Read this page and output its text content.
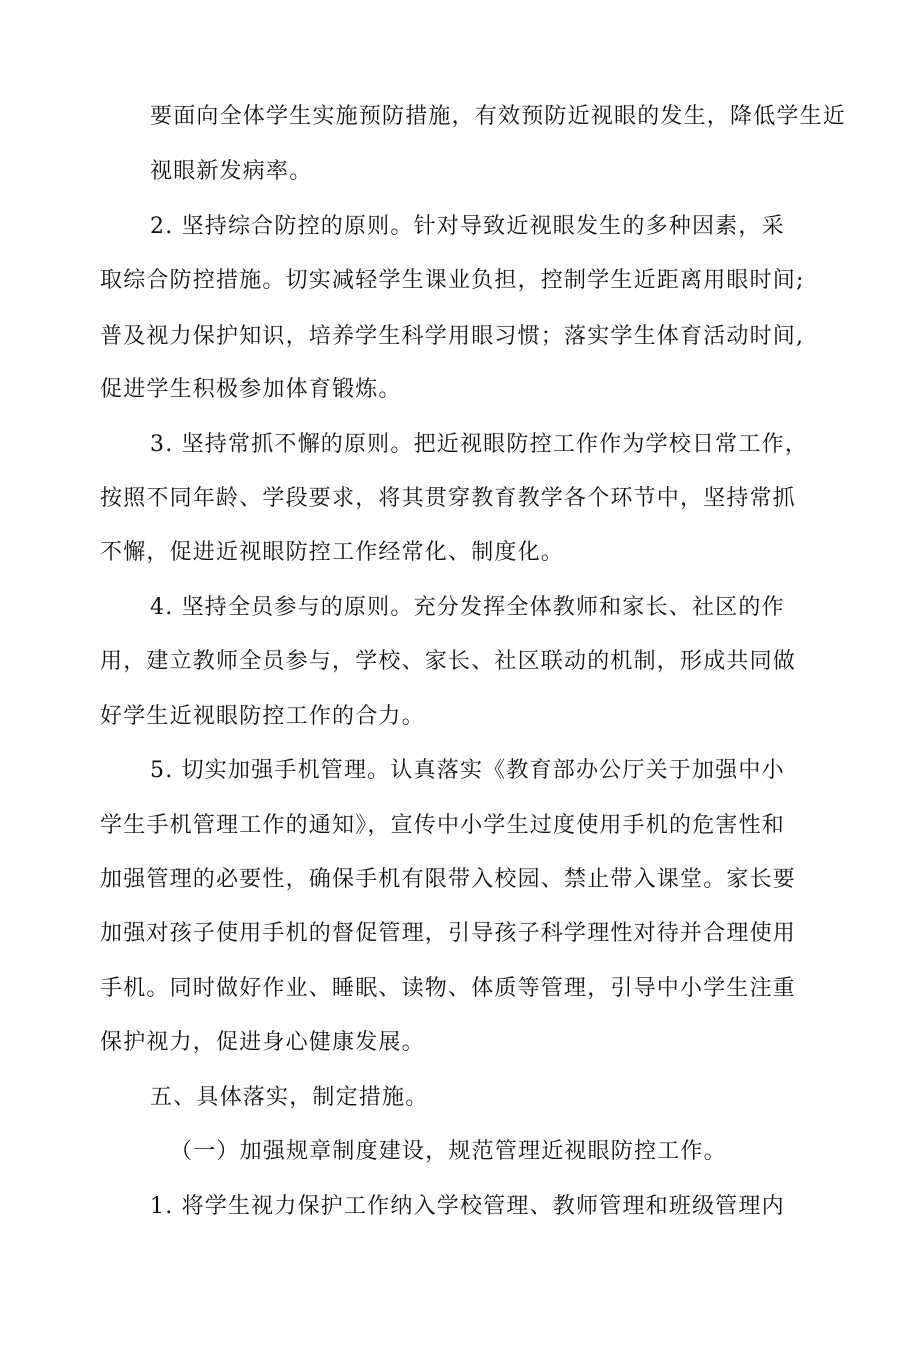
要面向全体学生实施预防措施，有效预防近视眼的发生，降低学生近
视眼新发病率。
2. 坚持综合防控的原则。针对导致近视眼发生的多种因素，采
取综合防控措施。切实减轻学生课业负担，控制学生近距离用眼时间;
普及视力保护知识，培养学生科学用眼习惯；落实学生体育活动时间,
促进学生积极参加体育锻炼。
3. 坚持常抓不懈的原则。把近视眼防控工作作为学校日常工作，
按照不同年龄、学段要求，将其贯穿教育教学各个环节中，坚持常抓
不懈，促进近视眼防控工作经常化、制度化。
4. 坚持全员参与的原则。充分发挥全体教师和家长、社区的作
用，建立教师全员参与，学校、家长、社区联动的机制，形成共同做
好学生近视眼防控工作的合力。
5. 切实加强手机管理。认真落实《教育部办公厅关于加强中小
学生手机管理工作的通知》，宣传中小学生过度使用手机的危害性和
加强管理的必要性，确保手机有限带入校园、禁止带入课堂。家长要
加强对孩子使用手机的督促管理，引导孩子科学理性对待并合理使用
手机。同时做好作业、睡眠、读物、体质等管理，引导中小学生注重
保护视力，促进身心健康发展。
五、具体落实，制定措施。
（一）加强规章制度建设，规范管理近视眼防控工作。
1. 将学生视力保护工作纳入学校管理、教师管理和班级管理内
